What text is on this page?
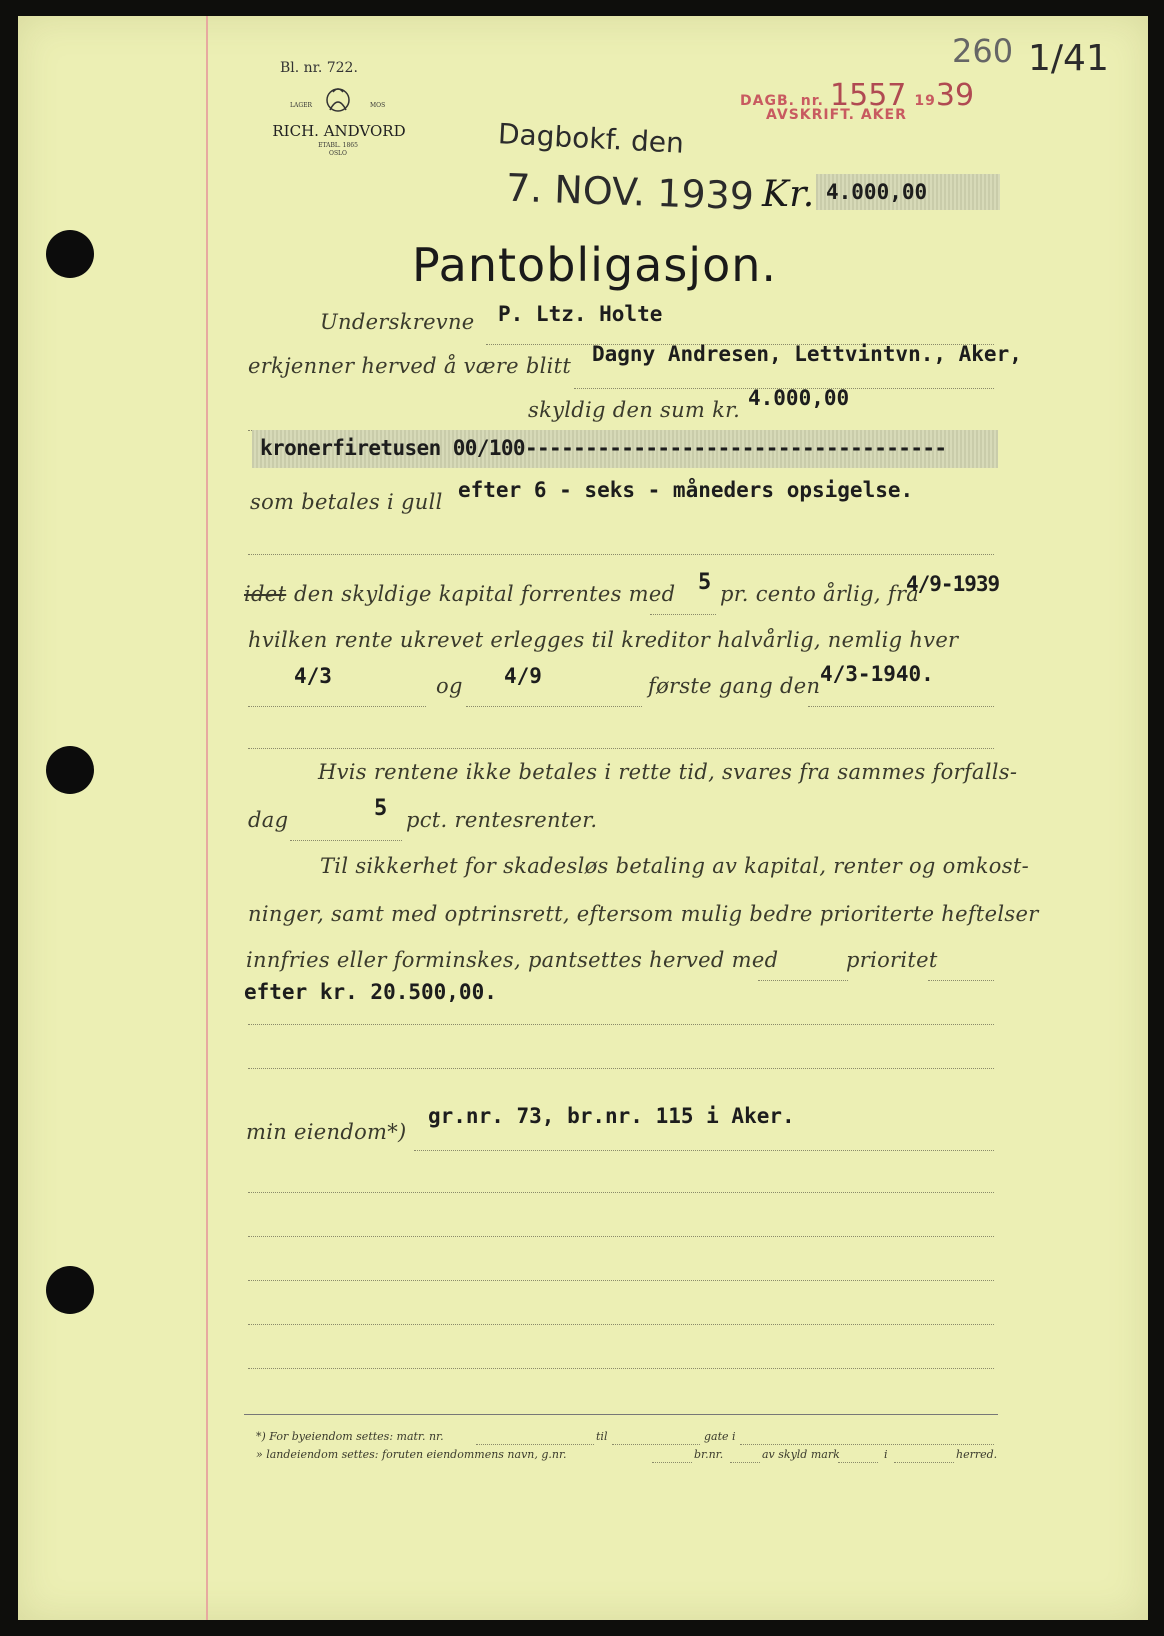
Bl. nr. 722.
LAGER	MOS
RICH. ANDVORD
ETABL. 1865
OSLO
DAGB. nr. 1557 1939
AVSKRIFT. AKER
260 1/41
Dagbokf. den
7. NOV. 1939 Kr. 4.000,00
Pantobligasjon.
Underskrevne P. Ltz. Holte
erkjenner herved å være blitt Dagny Andresen, Lettvintvn., Aker,
skyldig den sum kr. 4.000,00
kronerfiretusen 00/100-----------------------------------
som betales i gull efter 6 - seks - måneders opsigelse.
idet den skyldige kapital forrentes med 5 pr. cento årlig, fra
4/9-1939
hvilken rente ukrevet erlegges til kreditor halvårlig, nemlig hver
4/3	og 4/9	første gang den 4/3-1940.
Hvis rentene ikke betales i rette tid, svares fra sammes forfalls-
dag	5 pct. rentesrenter.
Til sikkerhet for skadesløs betaling av kapital, renter og omkost-
ninger, samt med optrinsrett, eftersom mulig bedre prioriterte heftelser
innfries eller forminskes, pantsettes herved med	prioritet
efter kr. 20.500,00.
min eiendom*)
gr.nr. 73, br.nr. 115 i Aker.
*) For byeiendom settes: matr. nr.	til	gate i
» landeiendom settes: foruten eiendommens navn, g.nr.	br.nr.	av skyld mark	i	herred.
